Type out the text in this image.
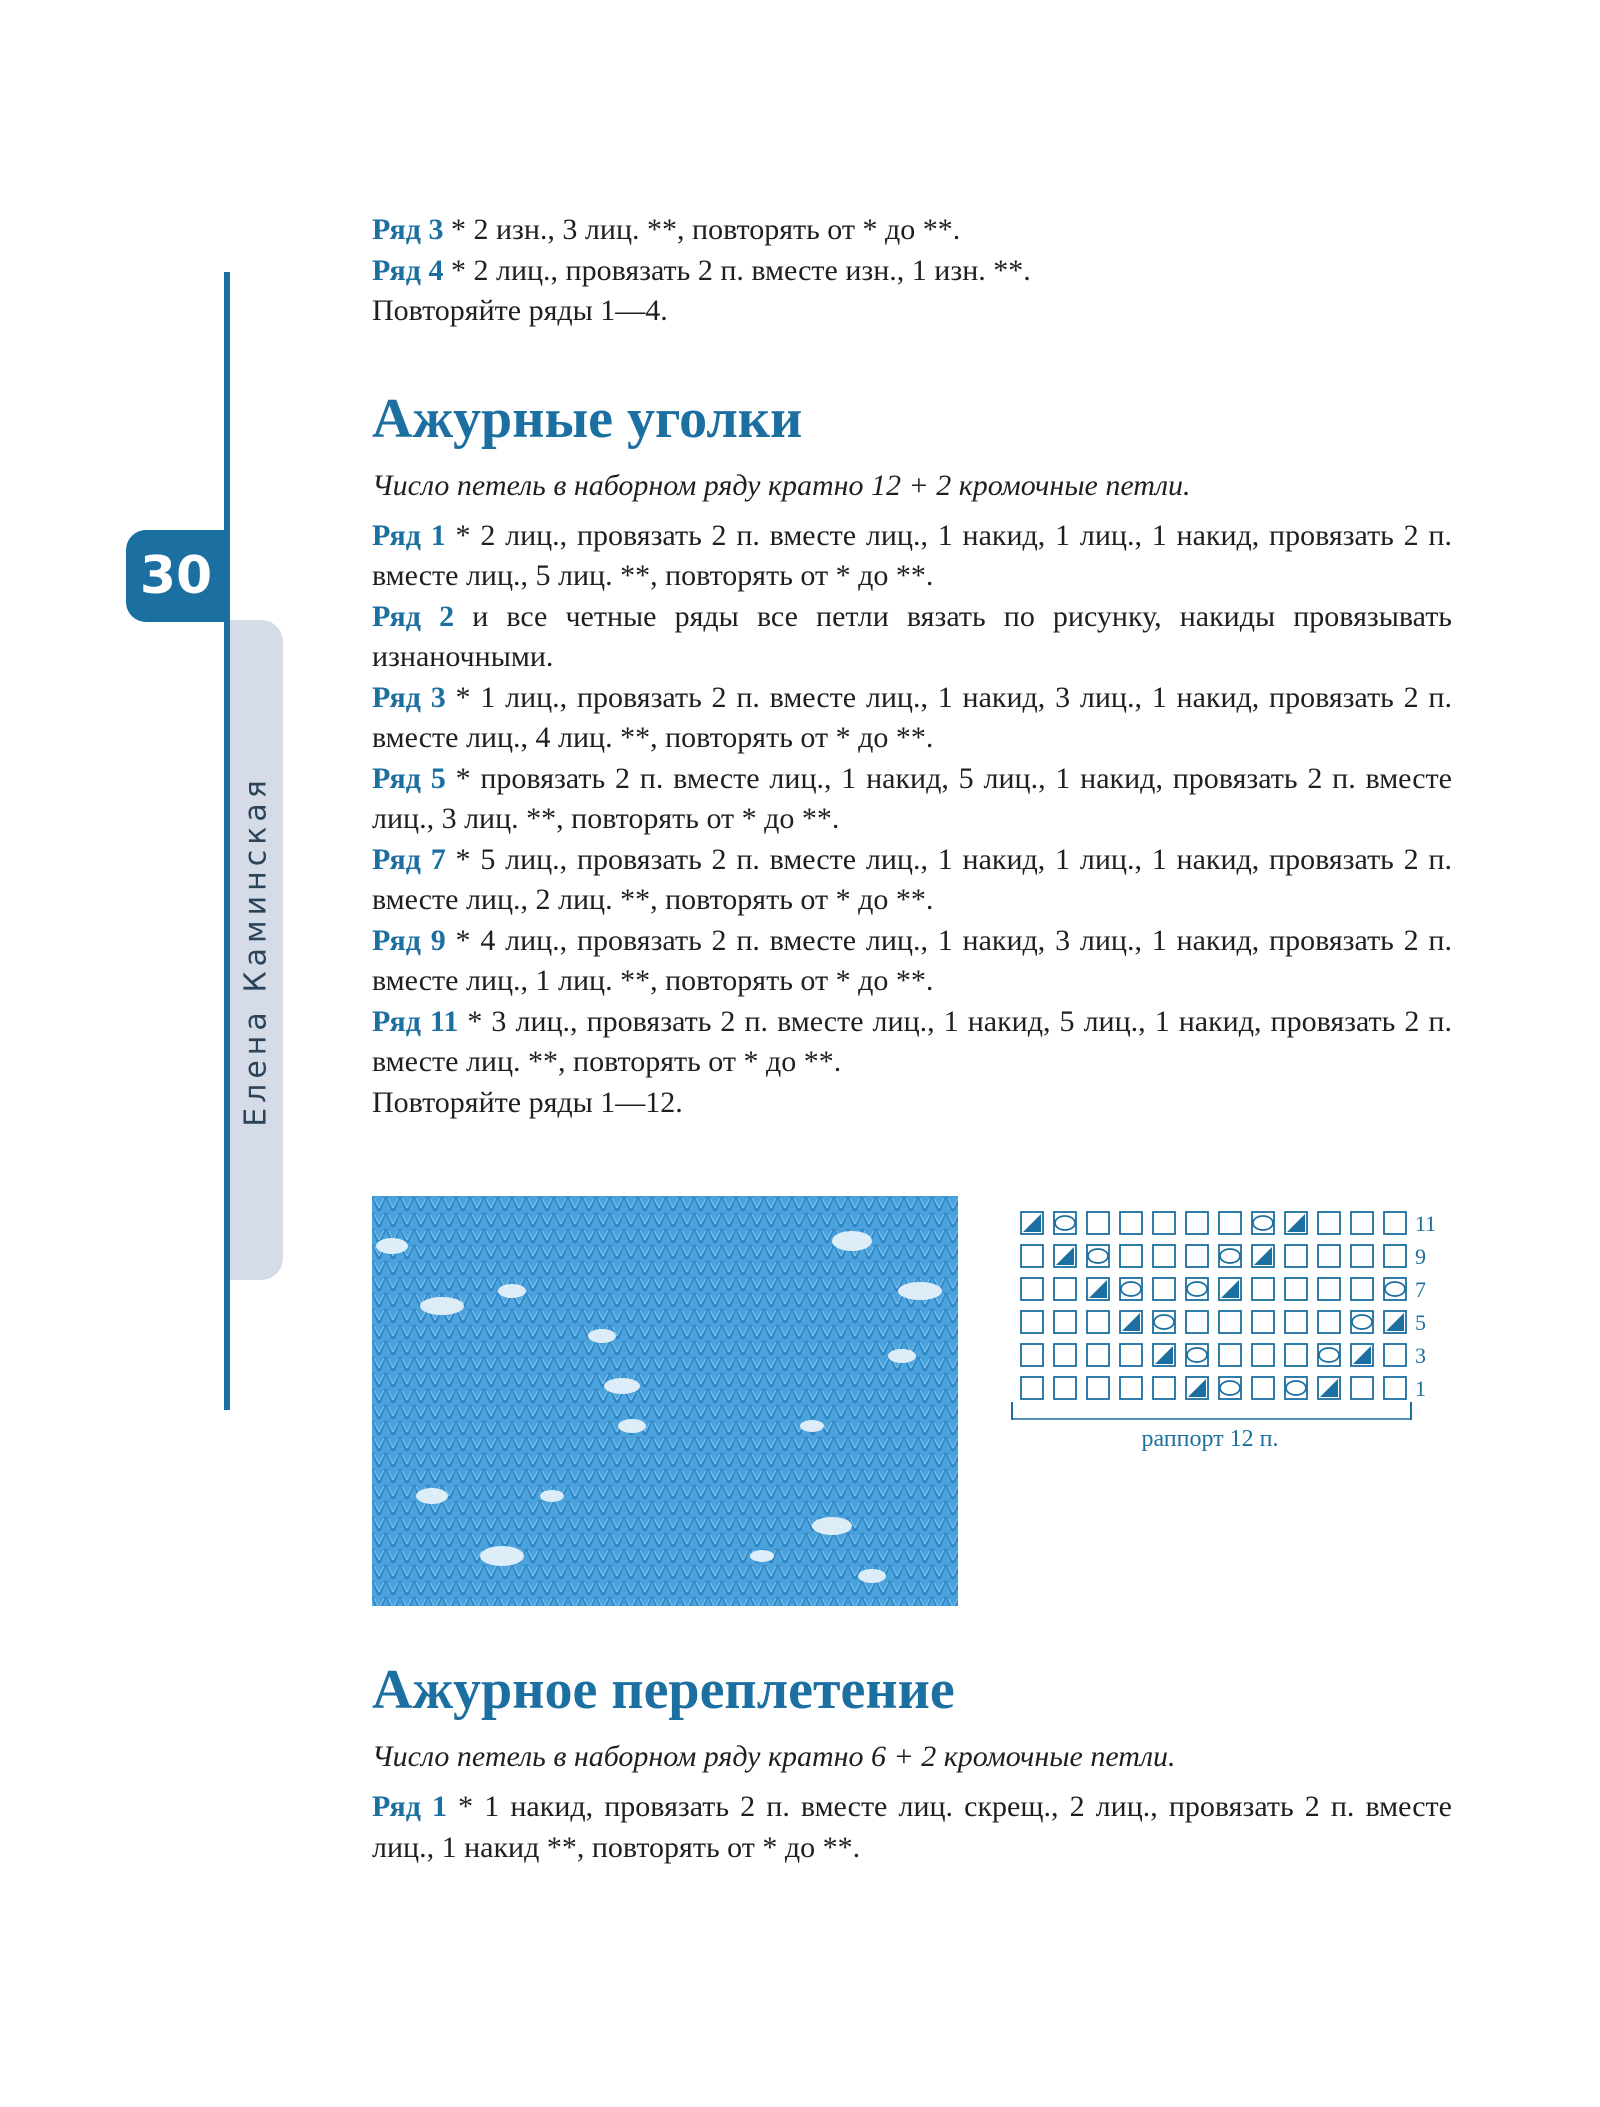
Елена Каминская
30

Ряд 3 * 2 изн., 3 лиц. **, повторять от * до **.

Ряд 4 * 2 лиц., провязать 2 п. вместе изн., 1 изн. **.

Повторяйте ряды 1—4.

Ажурные уголки

Число петель в наборном ряду кратно 12 + 2 кромочные петли.

Ряд 1 * 2 лиц., провязать 2 п. вместе лиц., 1 накид, 1 лиц., 1 накид, провязать 2 п. вместе лиц., 5 лиц. **, повторять от * до **.

Ряд 2 и все четные ряды все петли вязать по рисунку, накиды провязывать изнаночными.

Ряд 3 * 1 лиц., провязать 2 п. вместе лиц., 1 накид, 3 лиц., 1 накид, провязать 2 п. вместе лиц., 4 лиц. **, повторять от * до **.

Ряд 5 * провязать 2 п. вместе лиц., 1 накид, 5 лиц., 1 накид, провязать 2 п. вместе лиц., 3 лиц. **, повторять от * до **.

Ряд 7 * 5 лиц., провязать 2 п. вместе лиц., 1 накид, 1 лиц., 1 накид, провязать 2 п. вместе лиц., 2 лиц. **, повторять от * до **.

Ряд 9 * 4 лиц., провязать 2 п. вместе лиц., 1 накид, 3 лиц., 1 накид, провязать 2 п. вместе лиц., 1 лиц. **, повторять от * до **.

Ряд 11 * 3 лиц., провязать 2 п. вместе лиц., 1 накид, 5 лиц., 1 накид, провязать 2 п. вместе лиц. **, повторять от * до **.

Повторяйте ряды 1—12.

11
9
7
5
3
1
раппорт 12 п.
Ажурное переплетение

Число петель в наборном ряду кратно 6 + 2 кромочные петли.

Ряд 1 * 1 накид, провязать 2 п. вместе лиц. скрещ., 2 лиц., провязать 2 п. вместе лиц., 1 накид **, повторять от * до **.
